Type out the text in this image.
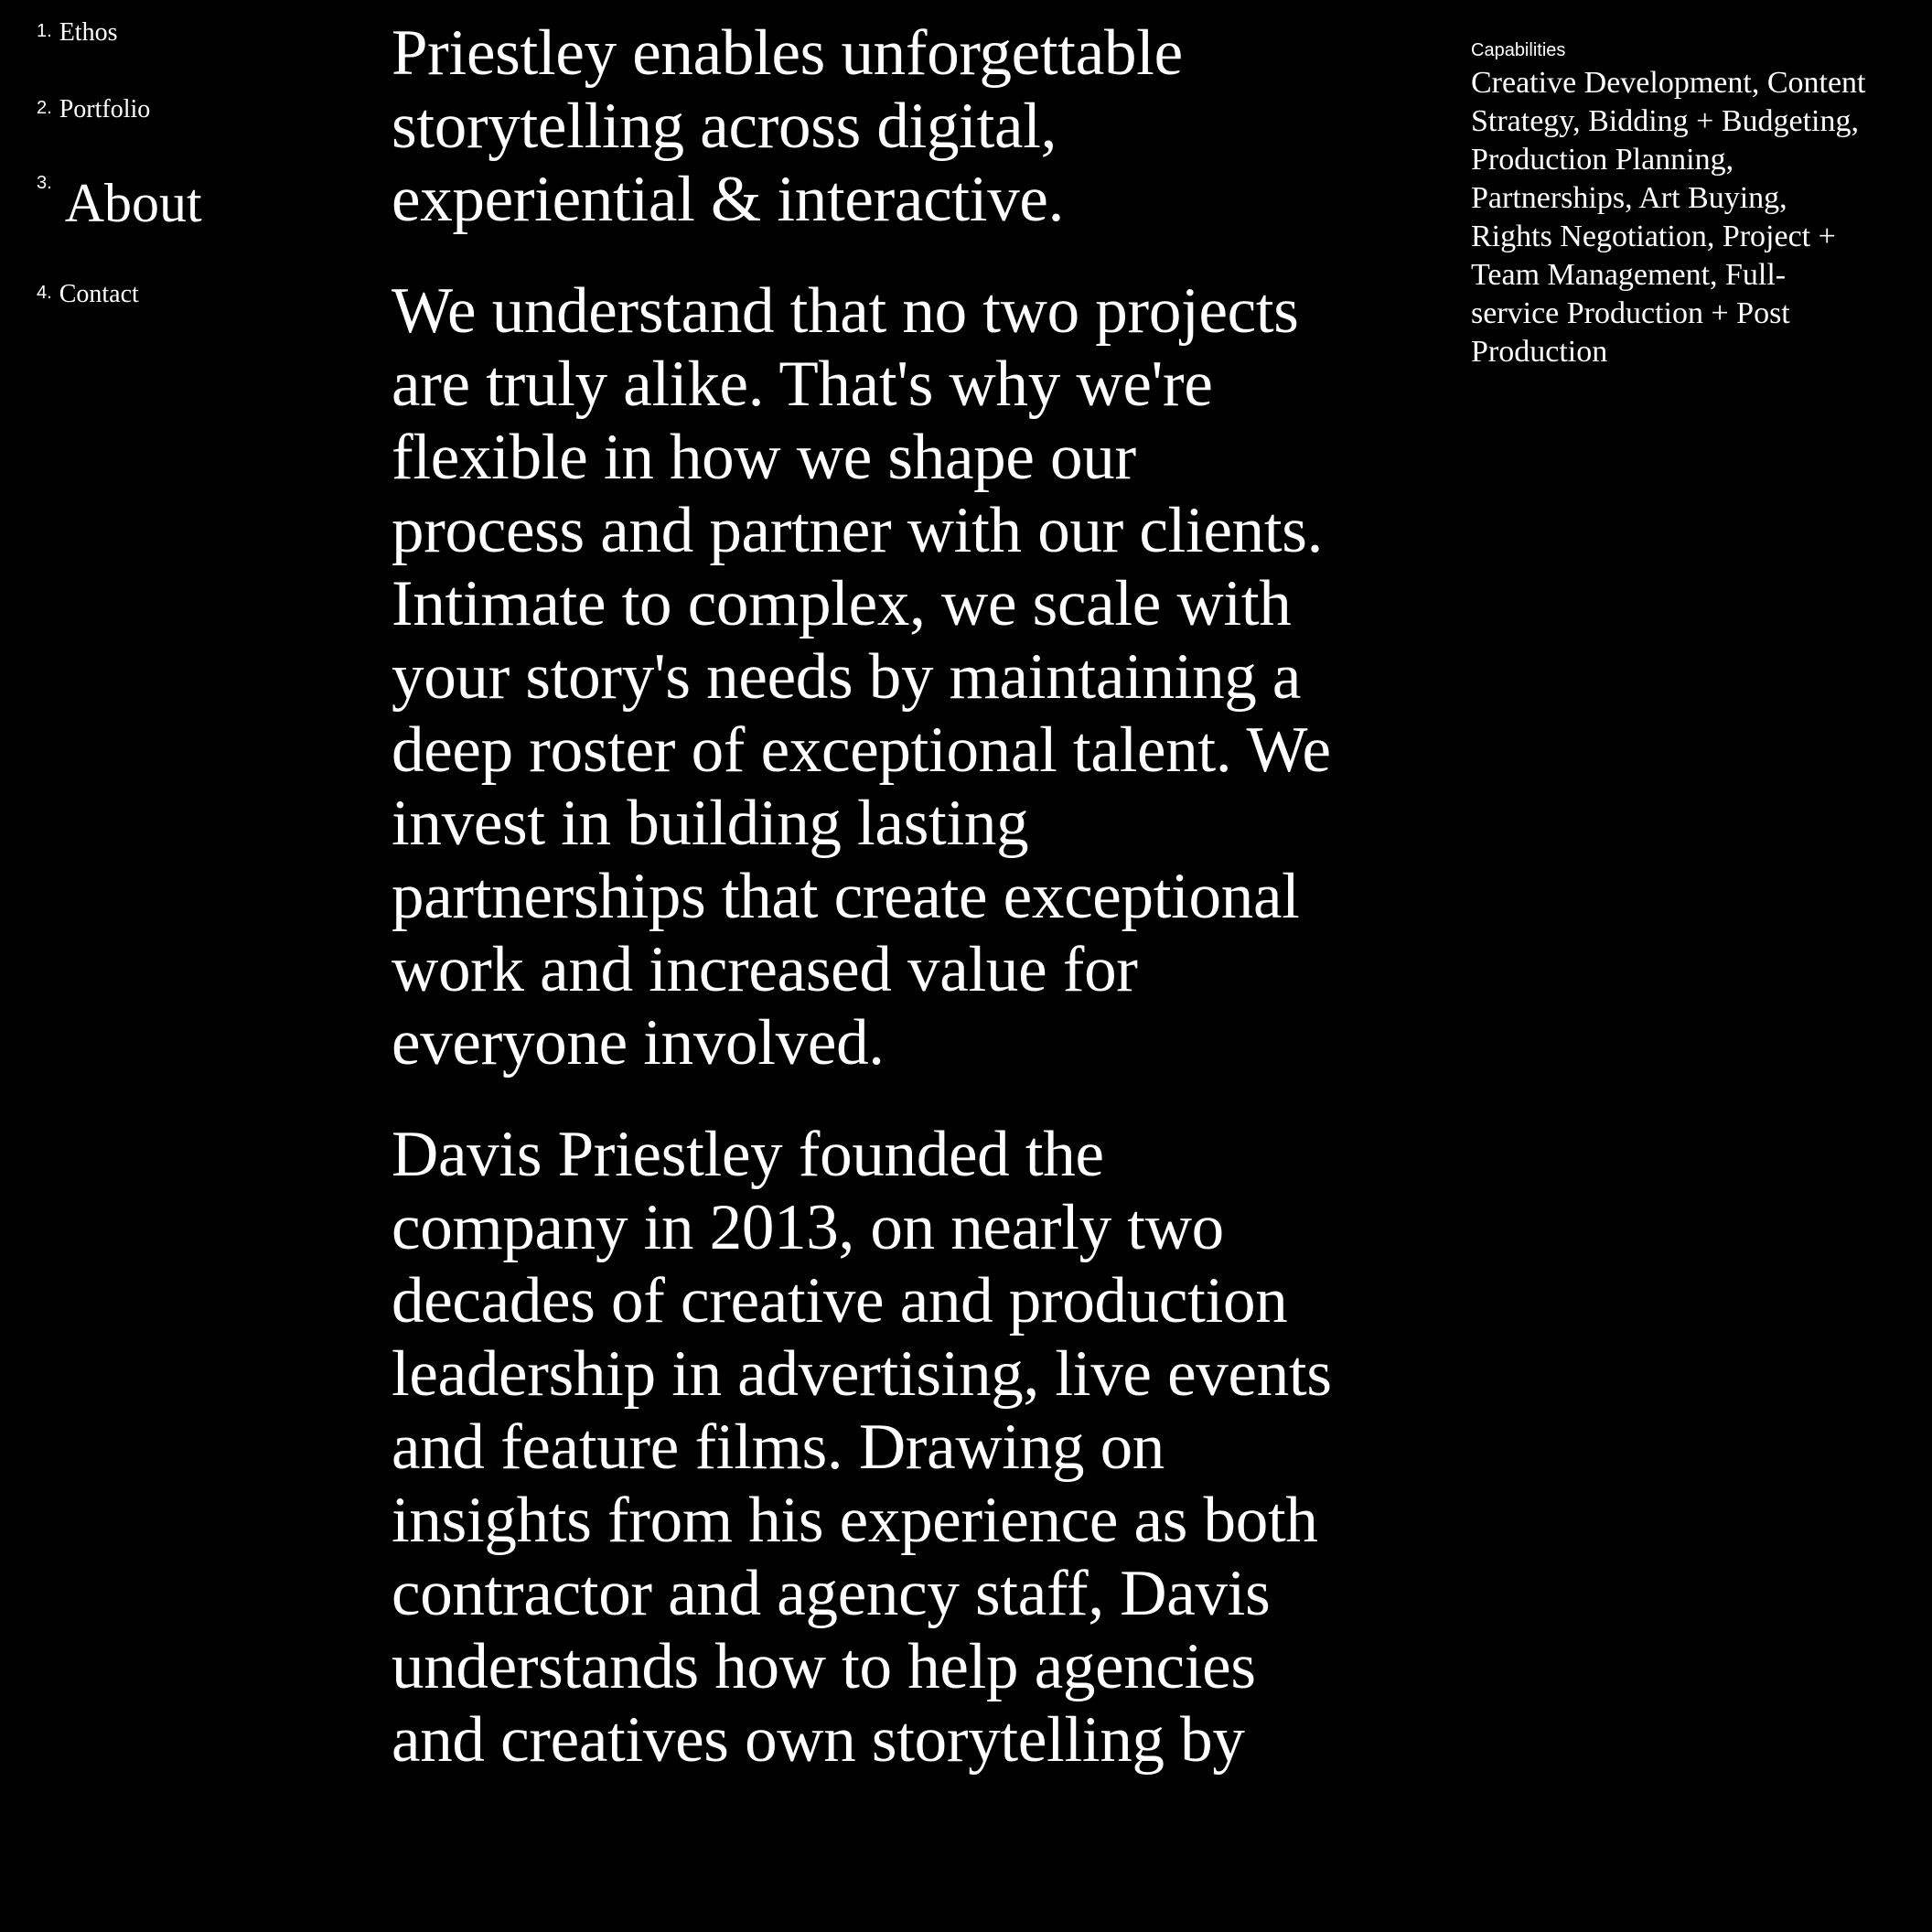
1. Ethos
2. Portfolio
3. About
4. Contact

Priestley enables unforgettable storytelling across digital, experiential & interactive.

We understand that no two projects are truly alike. That's why we're flexible in how we shape our process and partner with our clients. Intimate to complex, we scale with your story's needs by maintaining a deep roster of exceptional talent. We invest in building lasting partnerships that create exceptional work and increased value for everyone involved.

Davis Priestley founded the company in 2013, on nearly two decades of creative and production leadership in advertising, live events and feature films. Drawing on insights from his experience as both contractor and agency staff, Davis understands how to help agencies and creatives own storytelling by

Capabilities
Creative Development, Content Strategy, Bidding + Budgeting, Production Planning, Partnerships, Art Buying, Rights Negotiation, Project + Team Management, Full-service Production + Post Production
